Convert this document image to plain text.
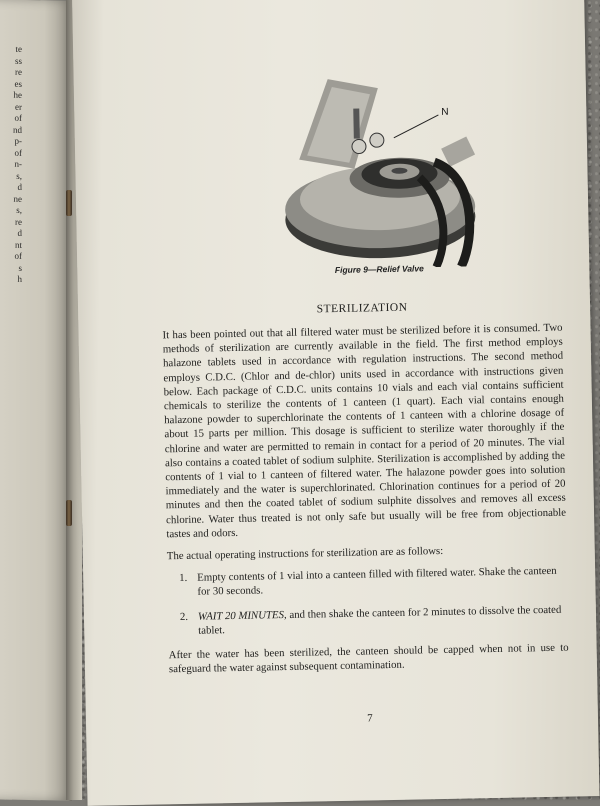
te
ss
re
es
he
er
of
nd
p-
of
n-
s,
d
ne
s,
re
d
nt
of
s
h
N
Figure 9—Relief Valve
STERILIZATION

It has been pointed out that all filtered water must be sterilized before it is consumed. Two methods of sterilization are currently available in the field. The first method employs halazone tablets used in accordance with regulation instructions. The second method employs C.D.C. (Chlor and de-chlor) units used in accordance with instructions given below. Each package of C.D.C. units contains 10 vials and each vial contains sufficient chemicals to sterilize the contents of 1 canteen (1 quart). Each vial contains enough halazone powder to superchlorinate the contents of 1 canteen with a chlorine dosage of about 15 parts per million. This dosage is sufficient to sterilize water thoroughly if the chlorine and water are permitted to remain in contact for a period of 20 minutes. The vial also contains a coated tablet of sodium sulphite. Sterilization is accomplished by adding the contents of 1 vial to 1 canteen of filtered water. The halazone powder goes into solution immediately and the water is superchlorinated. Chlorination continues for a period of 20 minutes and then the coated tablet of sodium sulphite dissolves and removes all excess chlorine. Water thus treated is not only safe but usually will be free from objectionable tastes and odors.

The actual operating instructions for sterilization are as follows:

1. Empty contents of 1 vial into a canteen filled with filtered water. Shake the canteen for 30 seconds.
2. WAIT 20 MINUTES, and then shake the canteen for 2 minutes to dissolve the coated tablet.

After the water has been sterilized, the canteen should be capped when not in use to safeguard the water against subsequent contamination.

7
